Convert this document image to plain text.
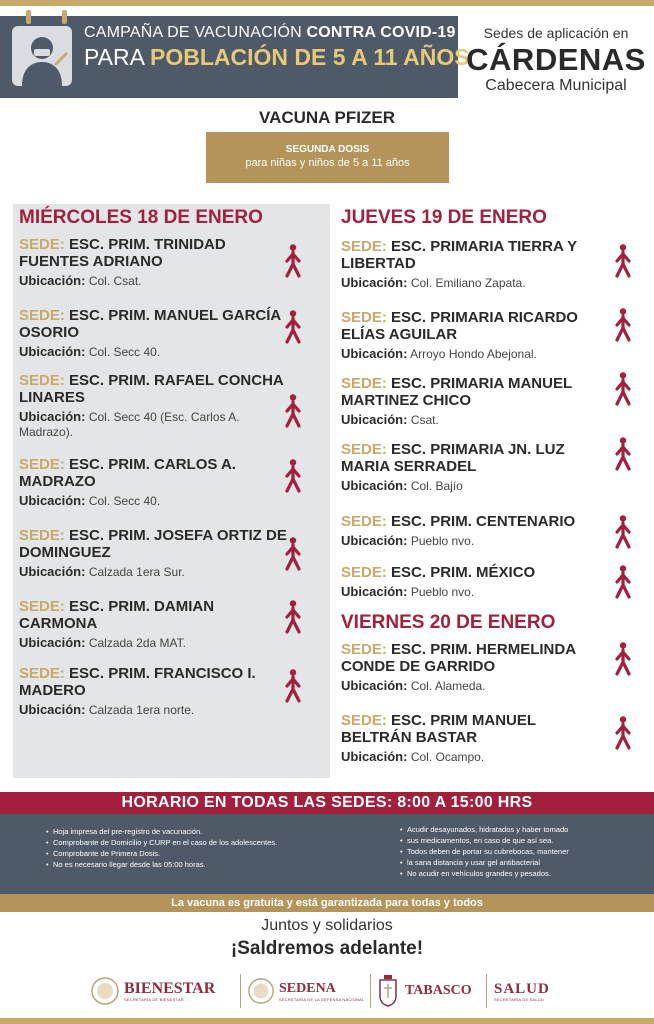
CAMPAÑA DE VACUNACIÓN CONTRA COVID-19
PARA POBLACIÓN DE 5 A 11 AÑOS
Sedes de aplicación en
CÁRDENAS
Cabecera Municipal
VACUNA PFIZER
SEGUNDA DOSIS
para niñas y niños de 5 a 11 años
MIÉRCOLES 18 DE ENERO
SEDE: ESC. PRIM. TRINIDAD FUENTES ADRIANO
Ubicación: Col. Csat.
SEDE: ESC. PRIM. MANUEL GARCÍA OSORIO
Ubicación: Col. Secc 40.
SEDE: ESC. PRIM. RAFAEL CONCHA LINARES
Ubicación: Col. Secc 40 (Esc. Carlos A. Madrazo).
SEDE: ESC. PRIM. CARLOS A. MADRAZO
Ubicación: Col. Secc 40.
SEDE: ESC. PRIM. JOSEFA ORTIZ DE DOMINGUEZ
Ubicación: Calzada 1era Sur.
SEDE: ESC. PRIM. DAMIAN CARMONA
Ubicación: Calzada 2da MAT.
SEDE: ESC. PRIM. FRANCISCO I. MADERO
Ubicación: Calzada 1era norte.
JUEVES 19 DE ENERO
SEDE: ESC. PRIMARIA TIERRA Y LIBERTAD
Ubicación: Col. Emiliano Zapata.
SEDE: ESC. PRIMARIA RICARDO ELÍAS AGUILAR
Ubicación: Arroyo Hondo Abejonal.
SEDE: ESC. PRIMARIA MANUEL MARTINEZ CHICO
Ubicación: Csat.
SEDE: ESC. PRIMARIA JN. LUZ MARIA SERRADEL
Ubicación: Col. Bajío
SEDE: ESC. PRIM. CENTENARIO
Ubicación: Pueblo nvo.
SEDE: ESC. PRIM. MÉXICO
Ubicación: Pueblo nvo.
VIERNES 20 DE ENERO
SEDE: ESC. PRIM. HERMELINDA CONDE DE GARRIDO
Ubicación: Col. Alameda.
SEDE: ESC. PRIM MANUEL BELTRÁN BASTAR
Ubicación: Col. Ocampo.
HORARIO EN TODAS LAS SEDES: 8:00 A 15:00 HRS
• Hoja impresa del pre-registro de vacunación.
• Comprobante de Domicilio y CURP en el caso de los adolescentes.
• Comprobante de Primera Dosis.
• No es necesario llegar desde las 05:00 horas.
• Acudir desayunados, hidratados y haber tomado
• sus medicamentos, en caso de que así sea.
• Todos deben de portar su cubrebocas, mantener
• la sana distancia y usar gel antibacterial
• No acudir en vehículos grandes y pesados.
La vacuna es gratuita y está garantizada para todas y todos
Juntos y solidarios
¡Saldremos adelante!
BIENESTAR
SECRETARÍA DE BIENESTAR
SEDENA
SECRETARÍA DE LA DEFENSA NACIONAL
TABASCO SALUD
SECRETARÍA DE SALUD
